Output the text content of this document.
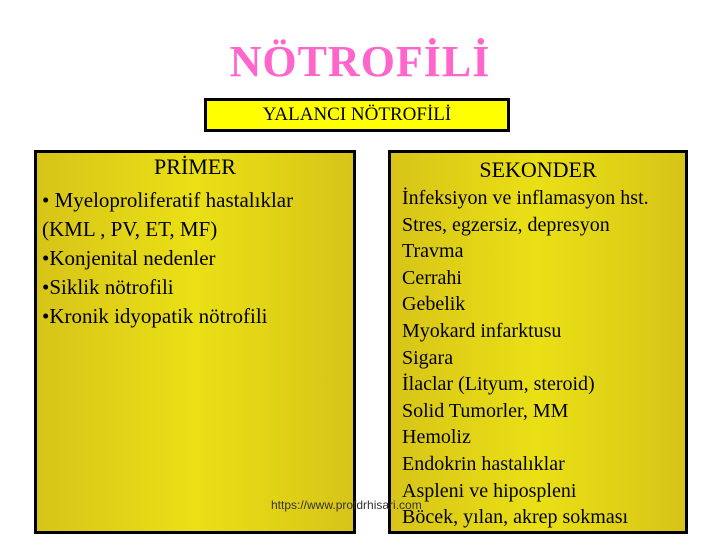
NÖTROFİLİ
YALANCI NÖTROFİLİ
PRİMER
• Myeloproliferatif hastalıklar
(KML , PV, ET, MF)
•Konjenital nedenler
•Siklik nötrofili
•Kronik idyopatik nötrofili
SEKONDER
İnfeksiyon ve inflamasyon hst.
Stres, egzersiz, depresyon
Travma
Cerrahi
Gebelik
Myokard infarktusu
Sigara
İlaclar (Lityum, steroid)
Solid Tumorler, MM
Hemoliz
Endokrin hastalıklar
Aspleni ve hipospleni
Böcek, yılan, akrep sokması
https://www.profdrhisari.com
